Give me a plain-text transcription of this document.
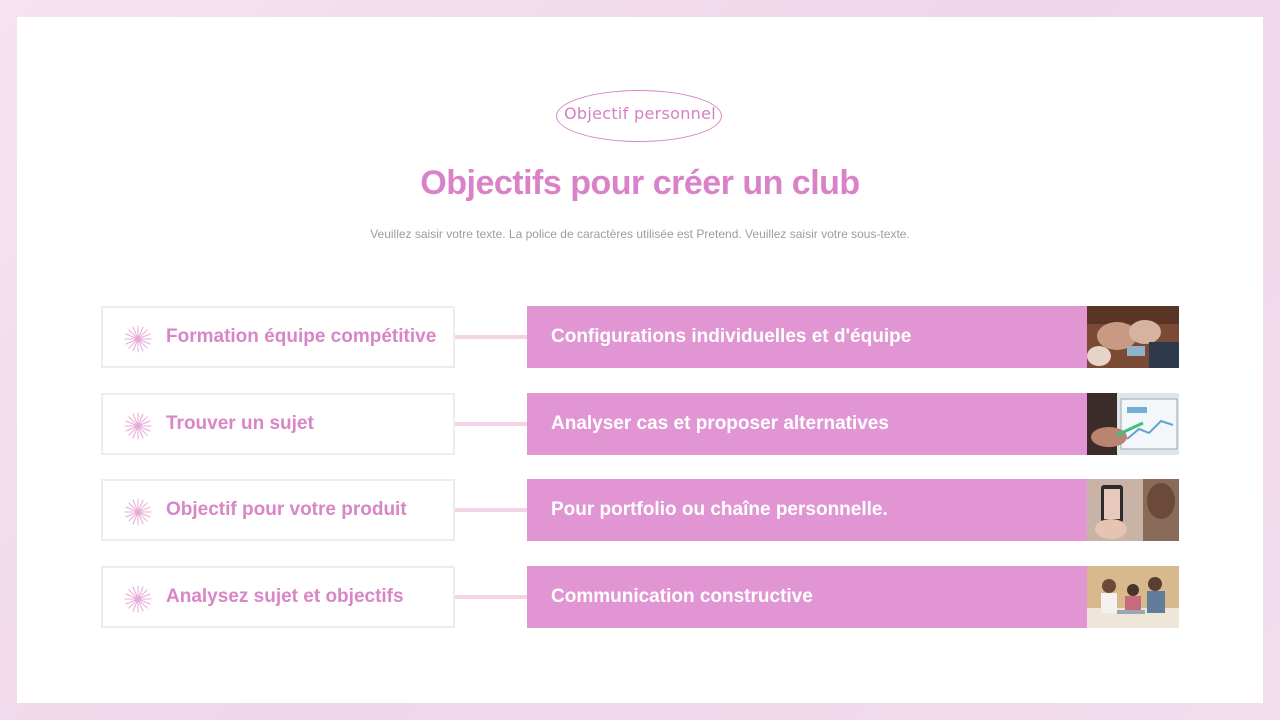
Objectif personnel
Objectifs pour créer un club
Veuillez saisir votre texte. La police de caractères utilisée est Pretend. Veuillez saisir votre sous-texte.
Formation équipe compétitive	Configurations individuelles et d'équipe
Trouver un sujet	Analyser cas et proposer alternatives
Objectif pour votre produit	Pour portfolio ou chaîne personnelle.
Analysez sujet et objectifs	Communication constructive
